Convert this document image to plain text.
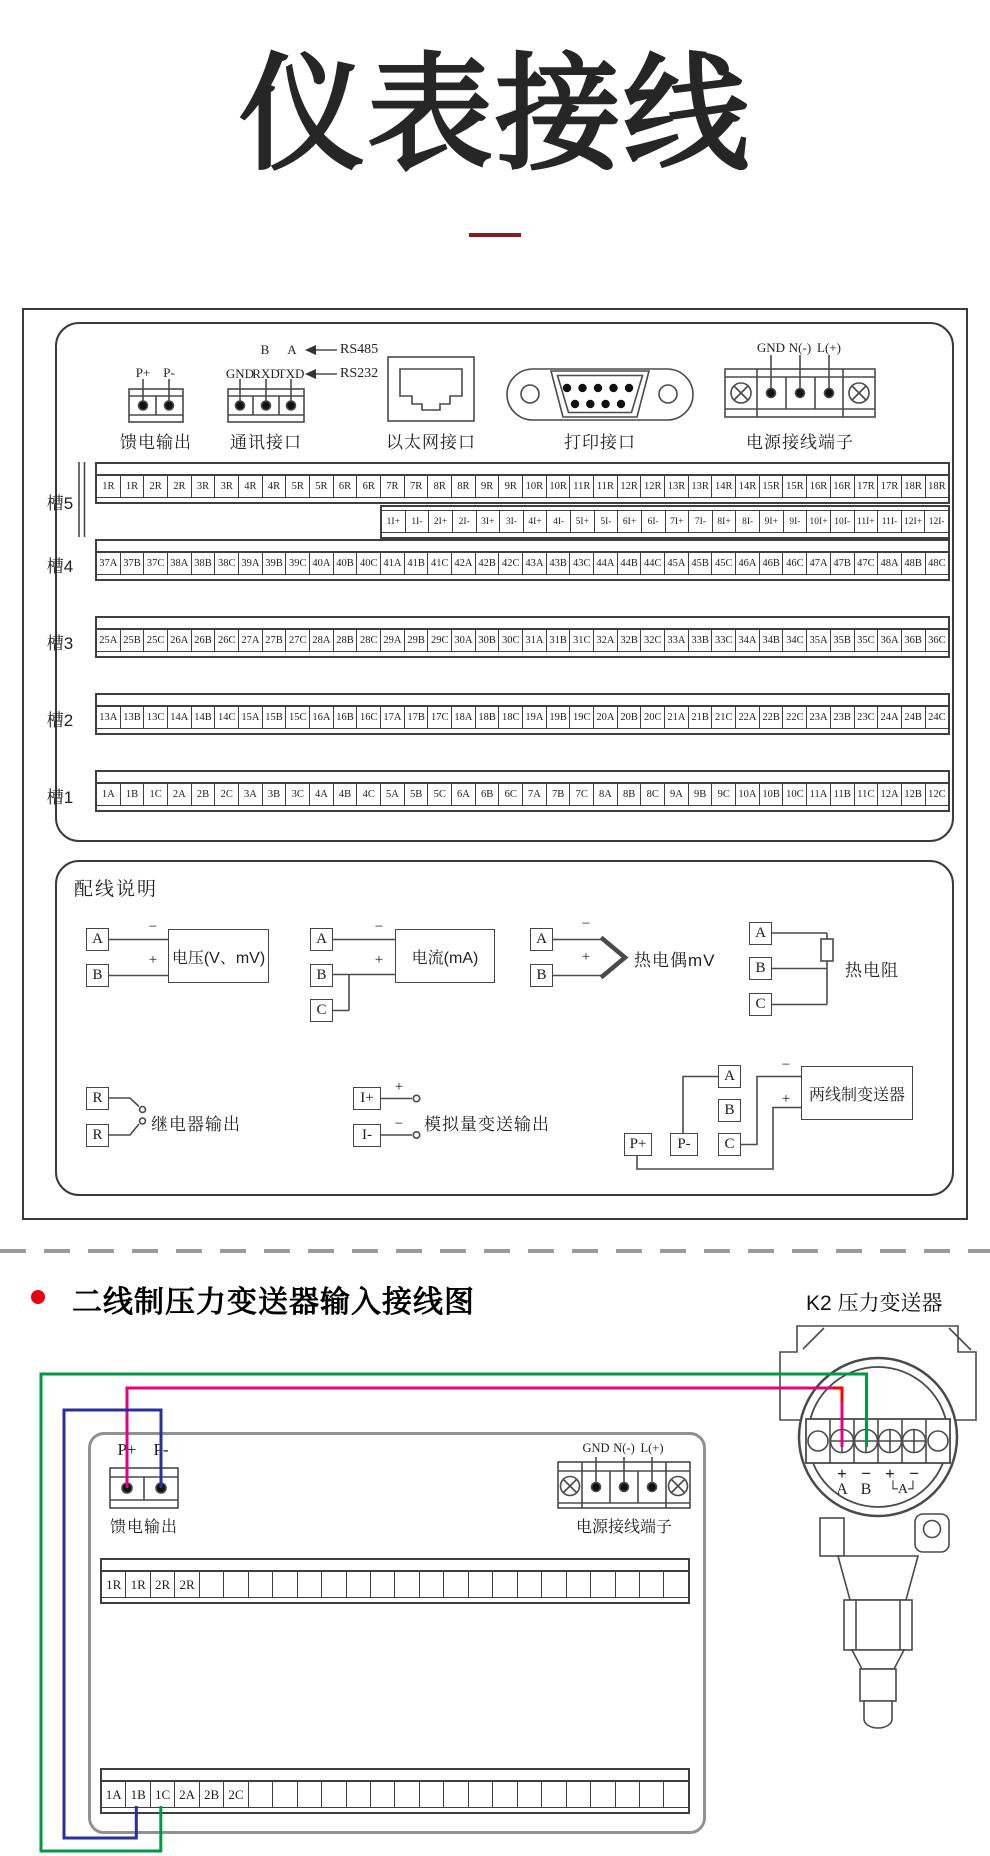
仪表接线
B A	RS485
RS232
P+ P-	GND
RXD
TXD
GND N(-) L(+)
馈电输出	通讯接口	以太网接口	打印接口	电源接线端子
槽5
槽4
槽3
槽2
槽1
1R	1R	2R	2R	3R	3R	4R	4R	5R	5R	6R	6R	7R	7R	8R	8R	9R	9R 10R 10R 11R 11R 12R 12R 13R 13R 14R 14R 15R 15R 16R 16R 17R 17R 18R 18R
1I+	1I-	2I+	2I-	3I+	3I-	4I+	4I-	5I+	5I-	6I+	6I-	7I+	7I-	8I+	8I-	9I+	9I- 10I+ 10I- 11I+ 11I- 12I+ 12I-
37A 37B 37C 38A 38B 38C 39A 39B 39C 40A 40B 40C 41A 41B 41C 42A 42B 42C 43A 43B 43C 44A 44B 44C 45A 45B 45C 46A 46B 46C 47A 47B 47C 48A 48B 48C
25A 25B 25C 26A 26B 26C 27A 27B 27C 28A 28B 28C 29A 29B 29C 30A 30B 30C 31A 31B 31C 32A 32B 32C 33A 33B 33C 34A 34B 34C 35A 35B 35C 36A 36B 36C
13A 13B 13C 14A 14B 14C 15A 15B 15C 16A 16B 16C 17A 17B 17C 18A 18B 18C 19A 19B 19C 20A 20B 20C 21A 21B 21C 22A 22B 22C 23A 23B 23C 24A 24B 24C
1A	1B	1C	2A	2B	2C	3A	3B	3C	4A	4B	4C	5A	5B	5C	6A	6B	6C	7A	7B	7C	8A	8B	8C	9A	9B	9C 10A 10B 10C 11A 11B 11C 12A 12B 12C
配线说明
A
B
−
+ 电压(V、mV)
A
B
C
−
+	电流(mA)
A
B
−
+	热电偶mV
A
B
C
热电阻
R
R
继电器输出
I+
I-
+
− 模拟量变送输出
A
B
C
P+	P-
−
+	两线制变送器
二线制压力变送器输入接线图	K2 压力变送器
P+ P-
馈电输出
GND N(-) L(+)
电源接线端子
1R 1R 2R 2R
1A 1B 1C 2A 2B 2C
+ − + −
A B	└A┘
